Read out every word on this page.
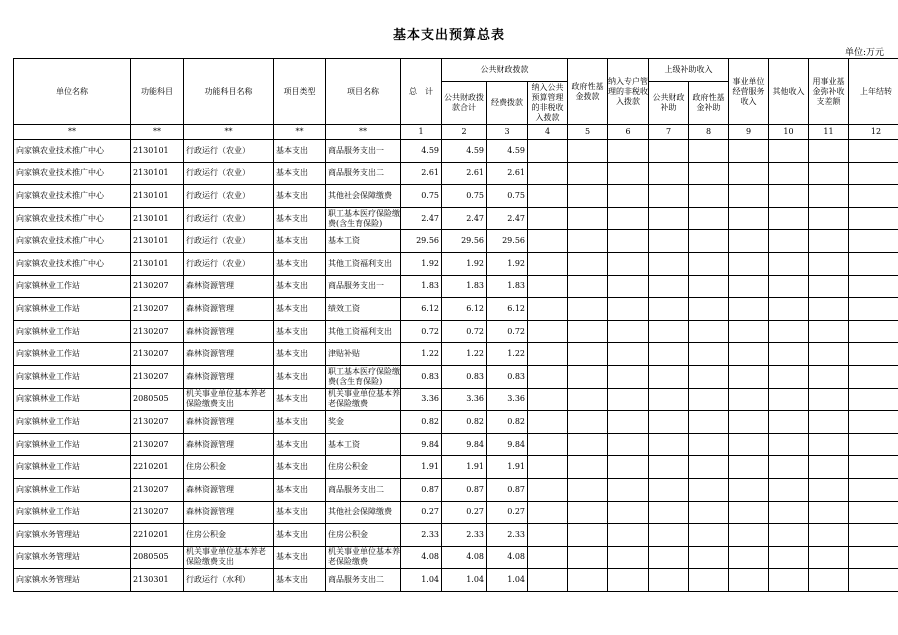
基本支出预算总表
单位:万元
单位名称	功能科目	功能科目名称	项目类型	项目名称	总　计	公共财政拨款			政府性基金拨款	纳入专户管理的非税收入拨款	上级补助收入		事业单位经营服务收入	其他收入	用事业基金弥补收支差额	上年结转
						公共财政拨款合计	经费拨款	纳入公共预算管理的非税收入拨款			公共财政补助	政府性基金补助				
**	**	**	**	**	1	2	3	4	5	6	7	8	9	10	11	12
向家镇农业技术推广中心	2130101	行政运行（农业）	基本支出	商品服务支出一	4.59	4.59	4.59									
向家镇农业技术推广中心	2130101	行政运行（农业）	基本支出	商品服务支出二	2.61	2.61	2.61									
向家镇农业技术推广中心	2130101	行政运行（农业）	基本支出	其他社会保障缴费	0.75	0.75	0.75									
向家镇农业技术推广中心	2130101	行政运行（农业）	基本支出	职工基本医疗保险缴费(含生育保险)	2.47	2.47	2.47									
向家镇农业技术推广中心	2130101	行政运行（农业）	基本支出	基本工资	29.56	29.56	29.56									
向家镇农业技术推广中心	2130101	行政运行（农业）	基本支出	其他工资福利支出	1.92	1.92	1.92									
向家镇林业工作站	2130207	森林资源管理	基本支出	商品服务支出一	1.83	1.83	1.83									
向家镇林业工作站	2130207	森林资源管理	基本支出	绩效工资	6.12	6.12	6.12									
向家镇林业工作站	2130207	森林资源管理	基本支出	其他工资福利支出	0.72	0.72	0.72									
向家镇林业工作站	2130207	森林资源管理	基本支出	津贴补贴	1.22	1.22	1.22									
向家镇林业工作站	2130207	森林资源管理	基本支出	职工基本医疗保险缴费(含生育保险)	0.83	0.83	0.83									
向家镇林业工作站	2080505	机关事业单位基本养老保险缴费支出	基本支出	机关事业单位基本养老保险缴费	3.36	3.36	3.36									
向家镇林业工作站	2130207	森林资源管理	基本支出	奖金	0.82	0.82	0.82									
向家镇林业工作站	2130207	森林资源管理	基本支出	基本工资	9.84	9.84	9.84									
向家镇林业工作站	2210201	住房公积金	基本支出	住房公积金	1.91	1.91	1.91									
向家镇林业工作站	2130207	森林资源管理	基本支出	商品服务支出二	0.87	0.87	0.87									
向家镇林业工作站	2130207	森林资源管理	基本支出	其他社会保障缴费	0.27	0.27	0.27									
向家镇水务管理站	2210201	住房公积金	基本支出	住房公积金	2.33	2.33	2.33									
向家镇水务管理站	2080505	机关事业单位基本养老保险缴费支出	基本支出	机关事业单位基本养老保险缴费	4.08	4.08	4.08									
向家镇水务管理站	2130301	行政运行（水利）	基本支出	商品服务支出二	1.04	1.04	1.04									
